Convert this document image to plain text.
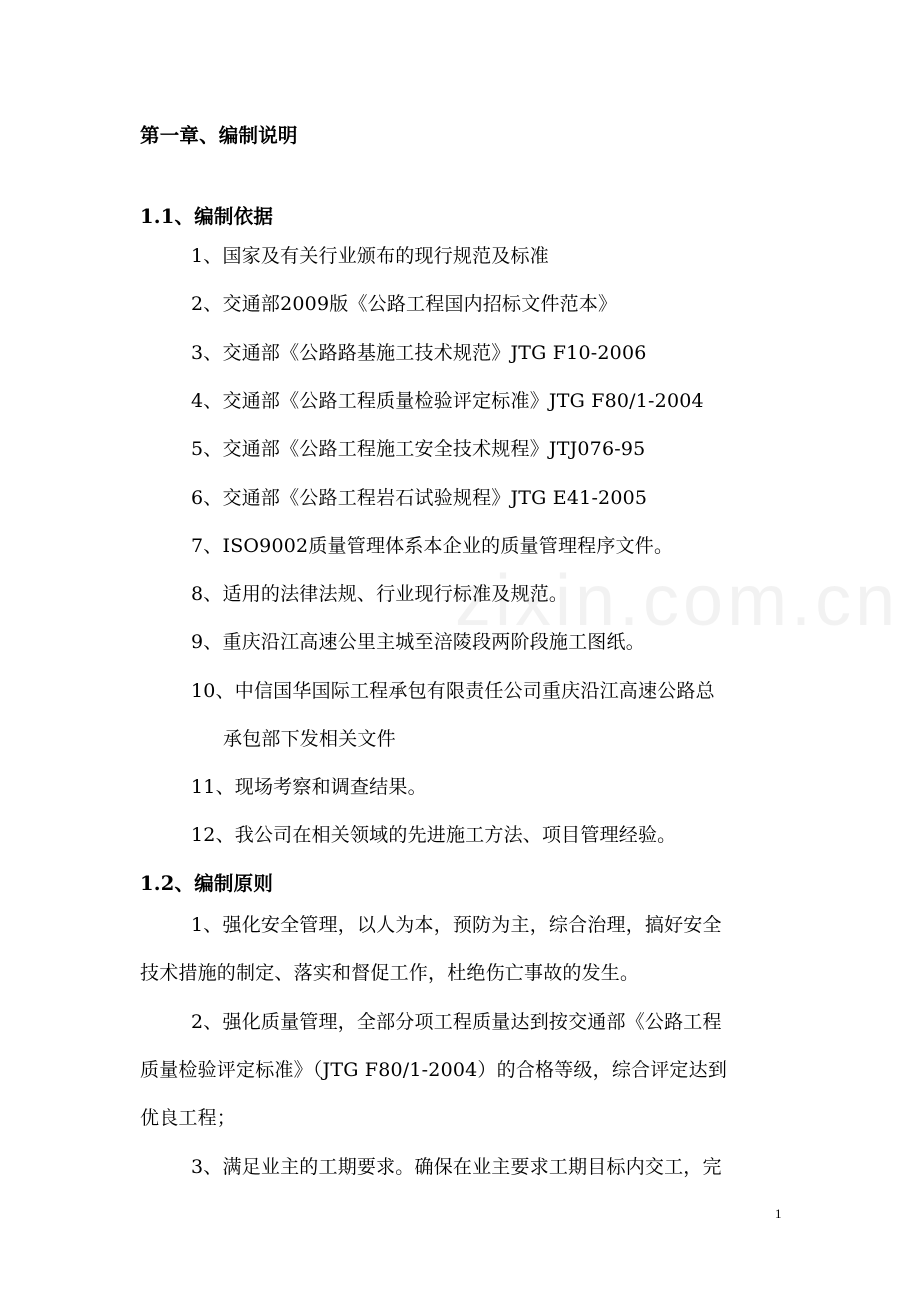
zixin.com.cn
第一章、编制说明
1.1、编制依据
1、国家及有关行业颁布的现行规范及标准
2、交通部2009版《公路工程国内招标文件范本》
3、交通部《公路路基施工技术规范》JTG F10-2006
4、交通部《公路工程质量检验评定标准》JTG F80/1-2004
5、交通部《公路工程施工安全技术规程》JTJ076-95
6、交通部《公路工程岩石试验规程》JTG E41-2005
7、ISO9002质量管理体系本企业的质量管理程序文件。
8、适用的法律法规、行业现行标准及规范。
9、重庆沿江高速公里主城至涪陵段两阶段施工图纸。
10、中信国华国际工程承包有限责任公司重庆沿江高速公路总
承包部下发相关文件
11、现场考察和调查结果。
12、我公司在相关领域的先进施工方法、项目管理经验。
1.2、编制原则
1、强化安全管理，以人为本，预防为主，综合治理，搞好安全
技术措施的制定、落实和督促工作，杜绝伤亡事故的发生。
2、强化质量管理，全部分项工程质量达到按交通部《公路工程
质量检验评定标准》（JTG F80/1-2004）的合格等级，综合评定达到
优良工程；
3、满足业主的工期要求。确保在业主要求工期目标内交工，完
1
